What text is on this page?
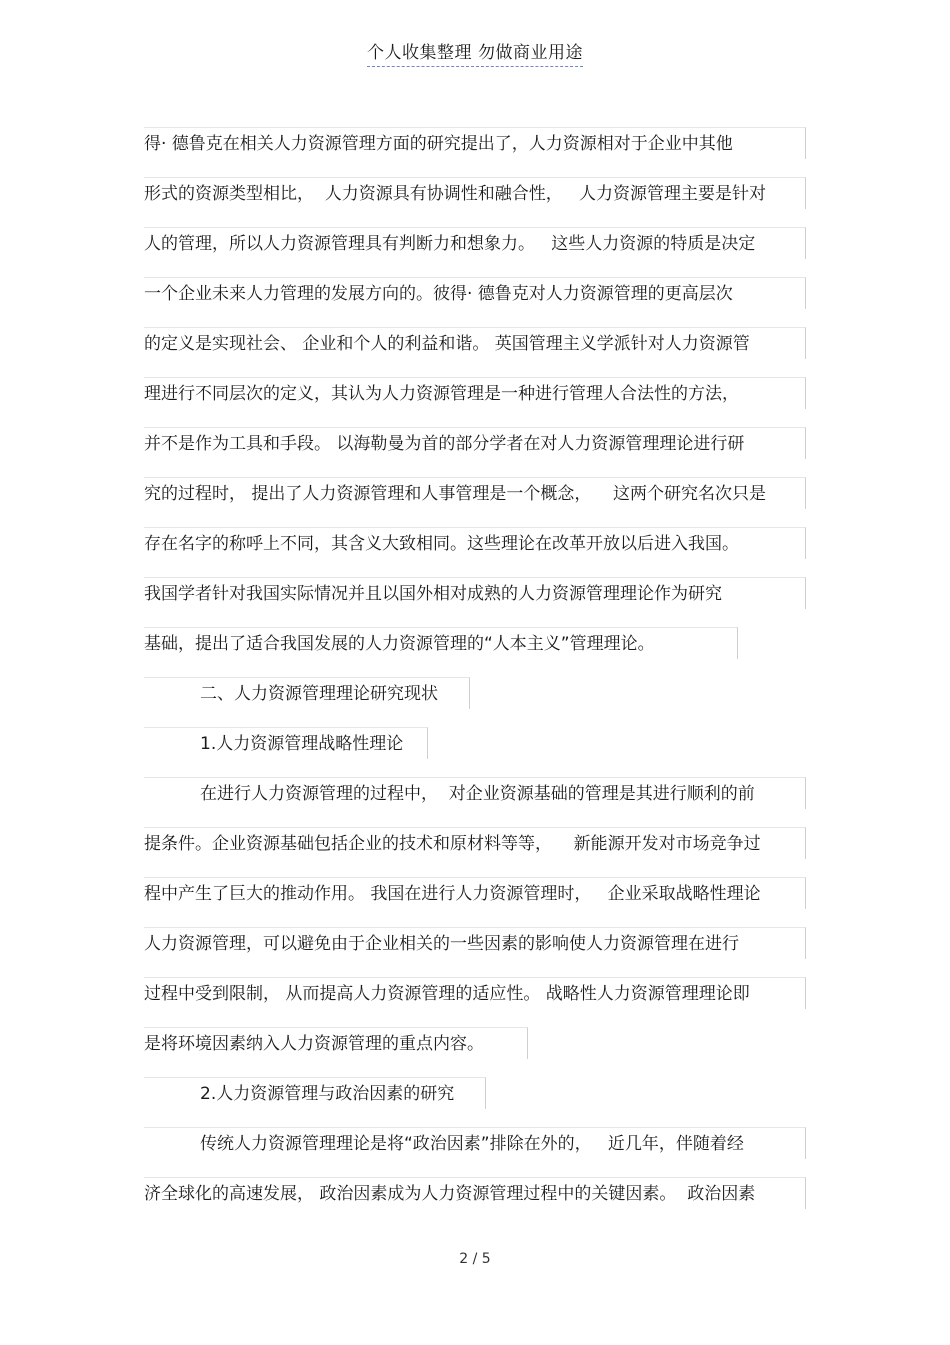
个人收集整理 勿做商业用途
得· 德鲁克在相关人力资源管理方面的研究提出了，人力资源相对于企业中其他
形式的资源类型相比，  人力资源具有协调性和融合性，   人力资源管理主要是针对
人的管理，所以人力资源管理具有判断力和想象力。   这些人力资源的特质是决定
一个企业未来人力管理的发展方向的。彼得· 德鲁克对人力资源管理的更高层次
的定义是实现社会、 企业和个人的利益和谐。 英国管理主义学派针对人力资源管
理进行不同层次的定义，其认为人力资源管理是一种进行管理人合法性的方法，
并不是作为工具和手段。 以海勒曼为首的部分学者在对人力资源管理理论进行研
究的过程时， 提出了人力资源管理和人事管理是一个概念，    这两个研究名次只是
存在名字的称呼上不同，其含义大致相同。这些理论在改革开放以后进入我国。
我国学者针对我国实际情况并且以国外相对成熟的人力资源管理理论作为研究
基础，提出了适合我国发展的人力资源管理的“人本主义”管理理论。
二、人力资源管理理论研究现状
1.人力资源管理战略性理论
在进行人力资源管理的过程中，  对企业资源基础的管理是其进行顺利的前
提条件。企业资源基础包括企业的技术和原材料等等，    新能源开发对市场竞争过
程中产生了巨大的推动作用。 我国在进行人力资源管理时，   企业采取战略性理论
人力资源管理，可以避免由于企业相关的一些因素的影响使人力资源管理在进行
过程中受到限制， 从而提高人力资源管理的适应性。 战略性人力资源管理理论即
是将环境因素纳入人力资源管理的重点内容。
2.人力资源管理与政治因素的研究
传统人力资源管理理论是将“政治因素”排除在外的，   近几年，伴随着经
济全球化的高速发展， 政治因素成为人力资源管理过程中的关键因素。  政治因素
2 / 5
